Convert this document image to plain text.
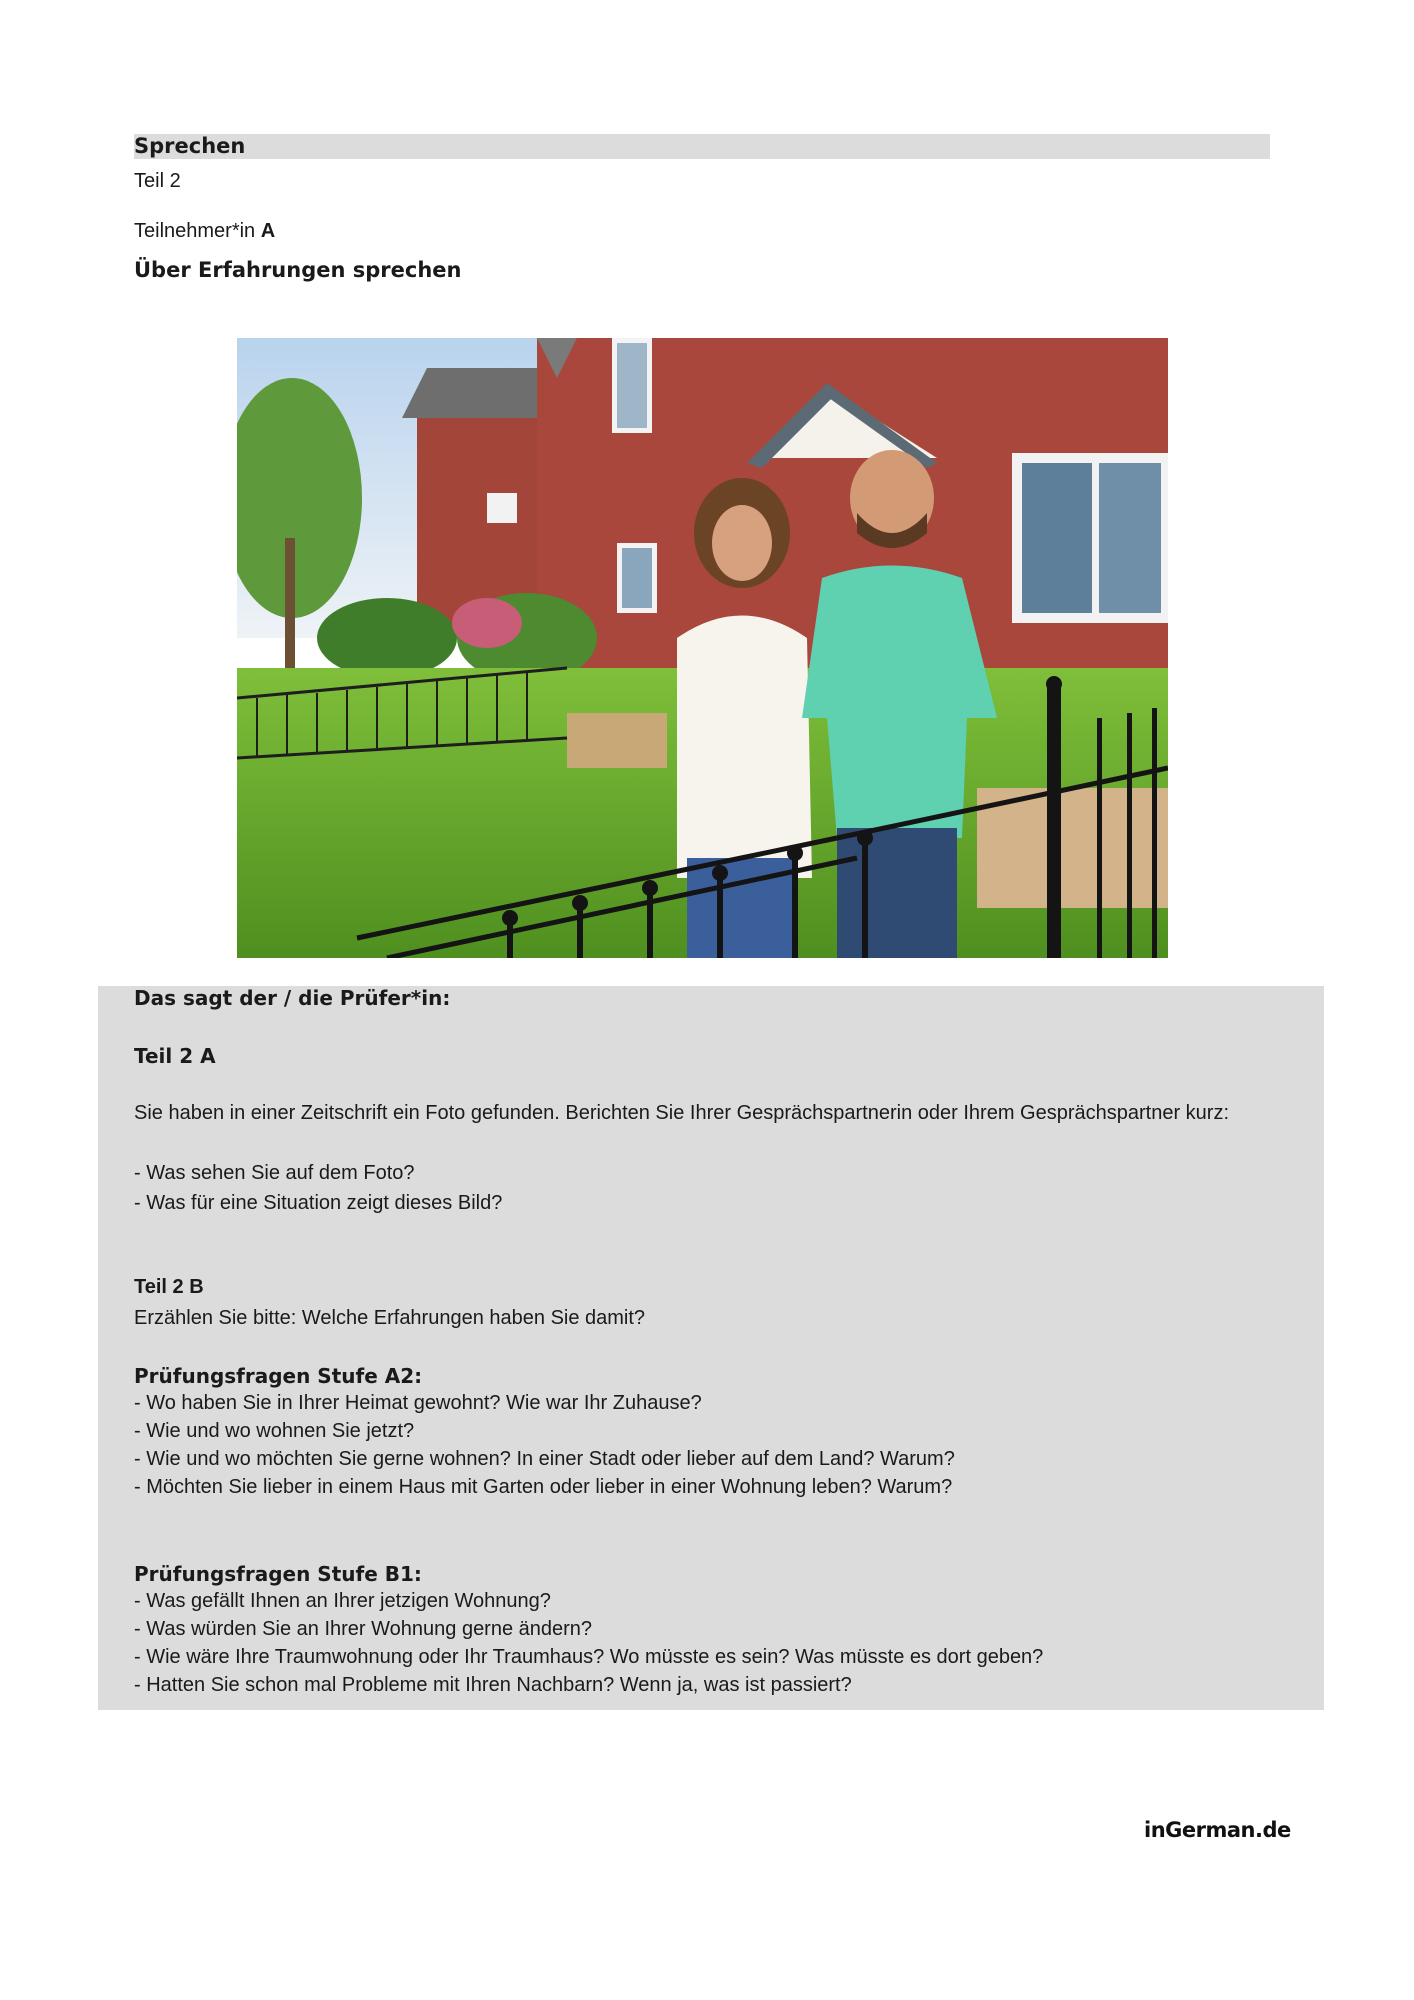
Sprechen
Teil 2
Teilnehmer*in A
Über Erfahrungen sprechen
Das sagt der / die Prüfer*in:
Teil 2 A
Sie haben in einer Zeitschrift ein Foto gefunden. Berichten Sie Ihrer Gesprächspartnerin oder Ihrem Gesprächspartner kurz:
- Was sehen Sie auf dem Foto?
- Was für eine Situation zeigt dieses Bild?
Teil 2 B
Erzählen Sie bitte: Welche Erfahrungen haben Sie damit?
Prüfungsfragen Stufe A2:
- Wo haben Sie in Ihrer Heimat gewohnt? Wie war Ihr Zuhause?
- Wie und wo wohnen Sie jetzt?
- Wie und wo möchten Sie gerne wohnen? In einer Stadt oder lieber auf dem Land? Warum?
- Möchten Sie lieber in einem Haus mit Garten oder lieber in einer Wohnung leben? Warum?
Prüfungsfragen Stufe B1:
- Was gefällt Ihnen an Ihrer jetzigen Wohnung?
- Was würden Sie an Ihrer Wohnung gerne ändern?
- Wie wäre Ihre Traumwohnung oder Ihr Traumhaus? Wo müsste es sein? Was müsste es dort geben?
- Hatten Sie schon mal Probleme mit Ihren Nachbarn? Wenn ja, was ist passiert?
inGerman.de
